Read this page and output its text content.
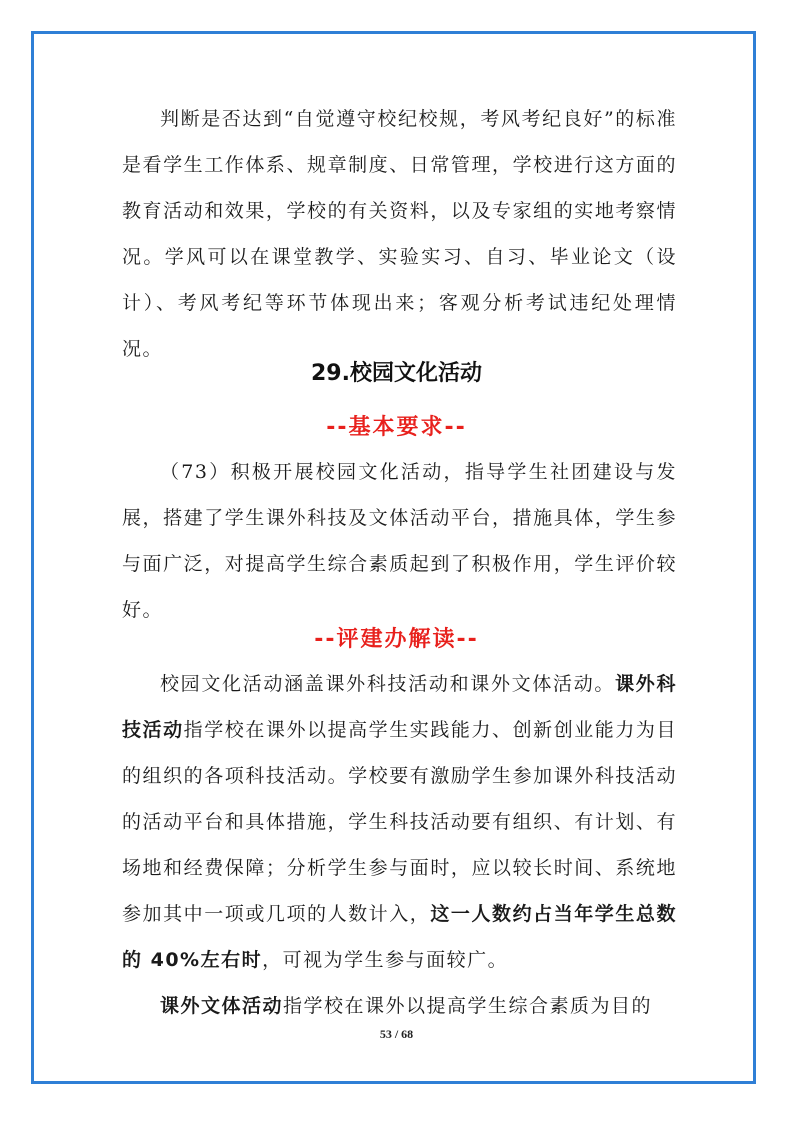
判断是否达到“自觉遵守校纪校规，考风考纪良好”的标准是看学生工作体系、规章制度、日常管理，学校进行这方面的教育活动和效果，学校的有关资料，以及专家组的实地考察情况。学风可以在课堂教学、实验实习、自习、毕业论文（设计）、考风考纪等环节体现出来；客观分析考试违纪处理情况。

29.校园文化活动
--基本要求--

（73）积极开展校园文化活动，指导学生社团建设与发展，搭建了学生课外科技及文体活动平台，措施具体，学生参与面广泛，对提高学生综合素质起到了积极作用，学生评价较好。

--评建办解读--

校园文化活动涵盖课外科技活动和课外文体活动。课外科技活动指学校在课外以提高学生实践能力、创新创业能力为目的组织的各项科技活动。学校要有激励学生参加课外科技活动的活动平台和具体措施，学生科技活动要有组织、有计划、有场地和经费保障；分析学生参与面时，应以较长时间、系统地参加其中一项或几项的人数计入，这一人数约占当年学生总数的 40%左右时，可视为学生参与面较广。

课外文体活动指学校在课外以提高学生综合素质为目的

53 / 68
